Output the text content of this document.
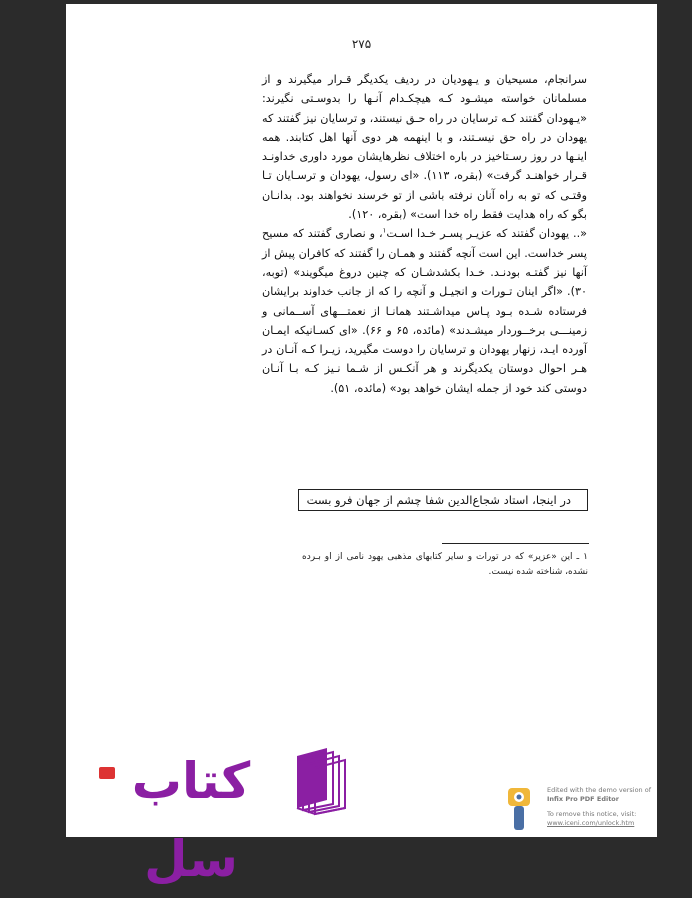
۲۷۵

سرانجام، مسیحیان و یـهودیان در ردیف یکدیگر قـرار میگیرند و از مسلمانان خواسته میشـود کـه هیچکـدام آنـها را بدوسـتی نگیرند: «یـهودان گفتند کـه ترسایان در راه حـق نیستند، و ترسایان نیز گفتند که یهودان در راه حق نیسـتند، و با اینهمه هر دوی آنها اهل کتابند. همه اینـها در روز رسـتاخیز در باره اختلاف نظرهایشان مورد داوری خداونـد قـرار خواهنـد گرفت» (بقره، ۱۱۳). «ای رسول، یهودان و ترسـایان تـا وقتـی که تو به راه آنان نرفته باشی از تو خرسند نخواهند بود. بدانـان بگو که راه هدایت فقط راه خدا است» (بقره، ۱۲۰).

«.. یهودان گفتند که عزیـر پسـر خـدا اسـت$^۱$، و نصاری گفتند که مسیح پسر خداست. این است آنچه گفتند و همـان را گفتند که کافران پیش از آنها نیز گفتـه بودنـد. خـدا بکشدشـان که چنین دروغ میگویند» (توبه، ۳۰). «اگر اینان تـورات و انجیـل و آنچه را که از جانب خداوند برایشان فرستاده شـده بـود پـاس میداشـتند همانـا از نعمتـــهای آســمانی و زمینـــی برخــوردار میشـدند» (مائده، ۶۵ و ۶۶). «ای کسـانیکه ایمـان آورده ایـد، زنهار یهودان و ترسایان را دوست مگیرید، زیـرا کـه آنـان در هـر احوال دوستان یکدیگرند و هر آنکـس از شـما نـیز کـه بـا آنـان دوستی کند خود از جمله ایشان خواهد بود» (مائده، ۵۱).

در اینجا، استاد شجاع‌الدین شفا چشم از جهان فرو بست
۱ ـ این «عزیر» که در تورات و سایر کتابهای مذهبی یهود نامی از او بـرده نشده، شناخته شده نیست.
کتاب سل
Edited with the demo version of
Infix Pro PDF Editor
To remove this notice, visit:
www.iceni.com/unlock.htm
